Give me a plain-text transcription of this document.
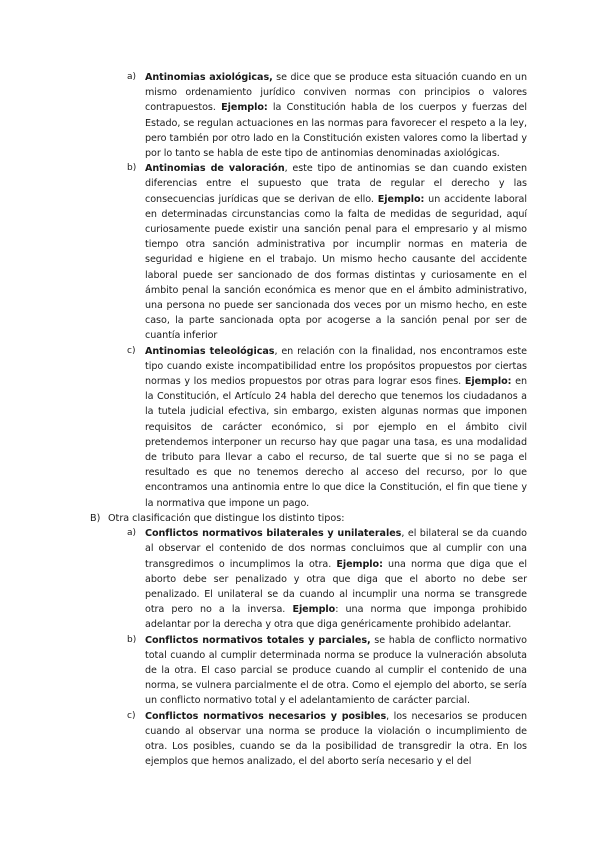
a) Antinomias axiológicas, se dice que se produce esta situación cuando en un mismo ordenamiento jurídico conviven normas con principios o valores contrapuestos. Ejemplo: la Constitución habla de los cuerpos y fuerzas del Estado, se regulan actuaciones en las normas para favorecer el respeto a la ley, pero también por otro lado en la Constitución existen valores como la libertad y por lo tanto se habla de este tipo de antinomias denominadas axiológicas.
b) Antinomias de valoración, este tipo de antinomias se dan cuando existen diferencias entre el supuesto que trata de regular el derecho y las consecuencias jurídicas que se derivan de ello. Ejemplo: un accidente laboral en determinadas circunstancias como la falta de medidas de seguridad, aquí curiosamente puede existir una sanción penal para el empresario y al mismo tiempo otra sanción administrativa por incumplir normas en materia de seguridad e higiene en el trabajo. Un mismo hecho causante del accidente laboral puede ser sancionado de dos formas distintas y curiosamente en el ámbito penal la sanción económica es menor que en el ámbito administrativo, una persona no puede ser sancionada dos veces por un mismo hecho, en este caso, la parte sancionada opta por acogerse a la sanción penal por ser de cuantía inferior
c) Antinomias teleológicas, en relación con la finalidad, nos encontramos este tipo cuando existe incompatibilidad entre los propósitos propuestos por ciertas normas y los medios propuestos por otras para lograr esos fines. Ejemplo: en la Constitución, el Artículo 24 habla del derecho que tenemos los ciudadanos a la tutela judicial efectiva, sin embargo, existen algunas normas que imponen requisitos de carácter económico, si por ejemplo en el ámbito civil pretendemos interponer un recurso hay que pagar una tasa, es una modalidad de tributo para llevar a cabo el recurso, de tal suerte que si no se paga el resultado es que no tenemos derecho al acceso del recurso, por lo que encontramos una antinomia entre lo que dice la Constitución, el fin que tiene y la normativa que impone un pago.
B) Otra clasificación que distingue los distinto tipos:
a) Conflictos normativos bilaterales y unilaterales, el bilateral se da cuando al observar el contenido de dos normas concluimos que al cumplir con una transgredimos o incumplimos la otra. Ejemplo: una norma que diga que el aborto debe ser penalizado y otra que diga que el aborto no debe ser penalizado. El unilateral se da cuando al incumplir una norma se transgrede otra pero no a la inversa. Ejemplo: una norma que imponga prohibido adelantar por la derecha y otra que diga genéricamente prohibido adelantar.
b) Conflictos normativos totales y parciales, se habla de conflicto normativo total cuando al cumplir determinada norma se produce la vulneración absoluta de la otra. El caso parcial se produce cuando al cumplir el contenido de una norma, se vulnera parcialmente el de otra. Como el ejemplo del aborto, se sería un conflicto normativo total y el adelantamiento de carácter parcial.
c) Conflictos normativos necesarios y posibles, los necesarios se producen cuando al observar una norma se produce la violación o incumplimiento de otra. Los posibles, cuando se da la posibilidad de transgredir la otra. En los ejemplos que hemos analizado, el del aborto sería necesario y el del
